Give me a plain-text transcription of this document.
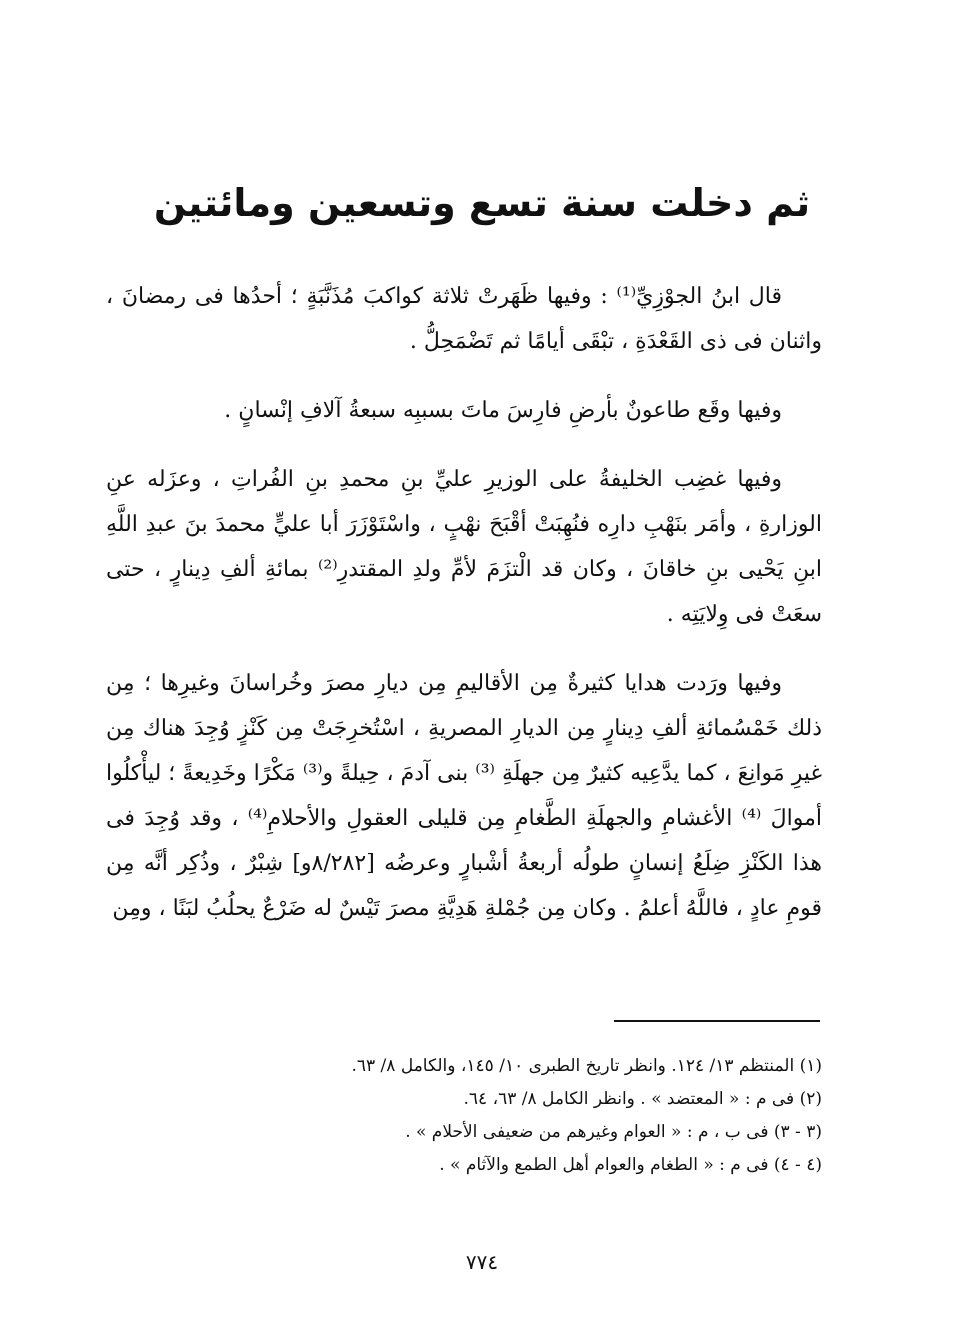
ثم دخلت سنة تسع وتسعين ومائتين

قال ابنُ الجوْزِيِّ⁽¹⁾ : وفيها ظَهَرتْ ثلاثة كواكبَ مُذَنَّبَةٍ ؛ أحدُها فى رمضانَ ، واثنان فى ذى القَعْدَةِ ، تبْقَى أيامًا ثم تَضْمَحِلُّ .

وفيها وقَع طاعونٌ بأرضِ فارِسَ ماتَ بسببِه سبعةُ آلافِ إنْسانٍ .

وفيها غضِب الخليفةُ على الوزيرِ عليِّ بنِ محمدِ بنِ الفُراتِ ، وعزَله عنِ الوزارةِ ، وأمَر بنَهْبِ دارِه فنُهِبَتْ أقْبَحَ نهْبٍ ، واسْتَوْزَرَ أبا عليٍّ محمدَ بنَ عبدِ اللَّهِ ابنِ يَحْيى بنِ خاقانَ ، وكان قد الْتزَمَ لأمِّ ولدِ المقتدرِ⁽²⁾ بمائةِ ألفِ دِينارٍ ، حتى سعَتْ فى وِلايَتِه .

وفيها ورَدت هدايا كثيرةٌ مِن الأقاليمِ مِن ديارِ مصرَ وخُراسانَ وغيرِها ؛ مِن ذلك خَمْسُمائةِ ألفِ دِينارٍ مِن الديارِ المصريةِ ، اسْتُخرِجَتْ مِن كَنْزٍ وُجِدَ هناك مِن غيرِ مَوانِعَ ، كما يدَّعِيه كثيرٌ مِن جهلَةِ ⁽³⁾ بنى آدمَ ، حِيلةً و⁽³⁾ مَكْرًا وخَدِيعةً ؛ ليأْكلُوا أموالَ ⁽⁴⁾ الأغشامِ والجهلَةِ الطَّغامِ مِن قليلى العقولِ والأحلامِ⁽⁴⁾ ، وقد وُجِدَ فى هذا الكَنْزِ ضِلَعُ إنسانٍ طولُه أربعةُ أشْبارٍ وعرضُه [٨/٢٨٢و] شِبْرٌ ، وذُكِر أنَّه مِن قومِ عادٍ ، فاللَّهُ أعلمُ . وكان مِن جُمْلةِ هَدِيَّةِ مصرَ تَيْسٌ له ضَرْعٌ يحلُبُ لبَنًا ، ومِن

(١) المنتظم ١٣/ ١٢٤. وانظر تاريخ الطبرى ١٠/ ١٤٥، والكامل ٨/ ٦٣.
(٢) فى م : « المعتضد » . وانظر الكامل ٨/ ٦٣، ٦٤.
(٣ - ٣) فى ب ، م : « العوام وغيرهم من ضعيفى الأحلام » .
(٤ - ٤) فى م : « الطغام والعوام أهل الطمع والآثام » .
٧٧٤
